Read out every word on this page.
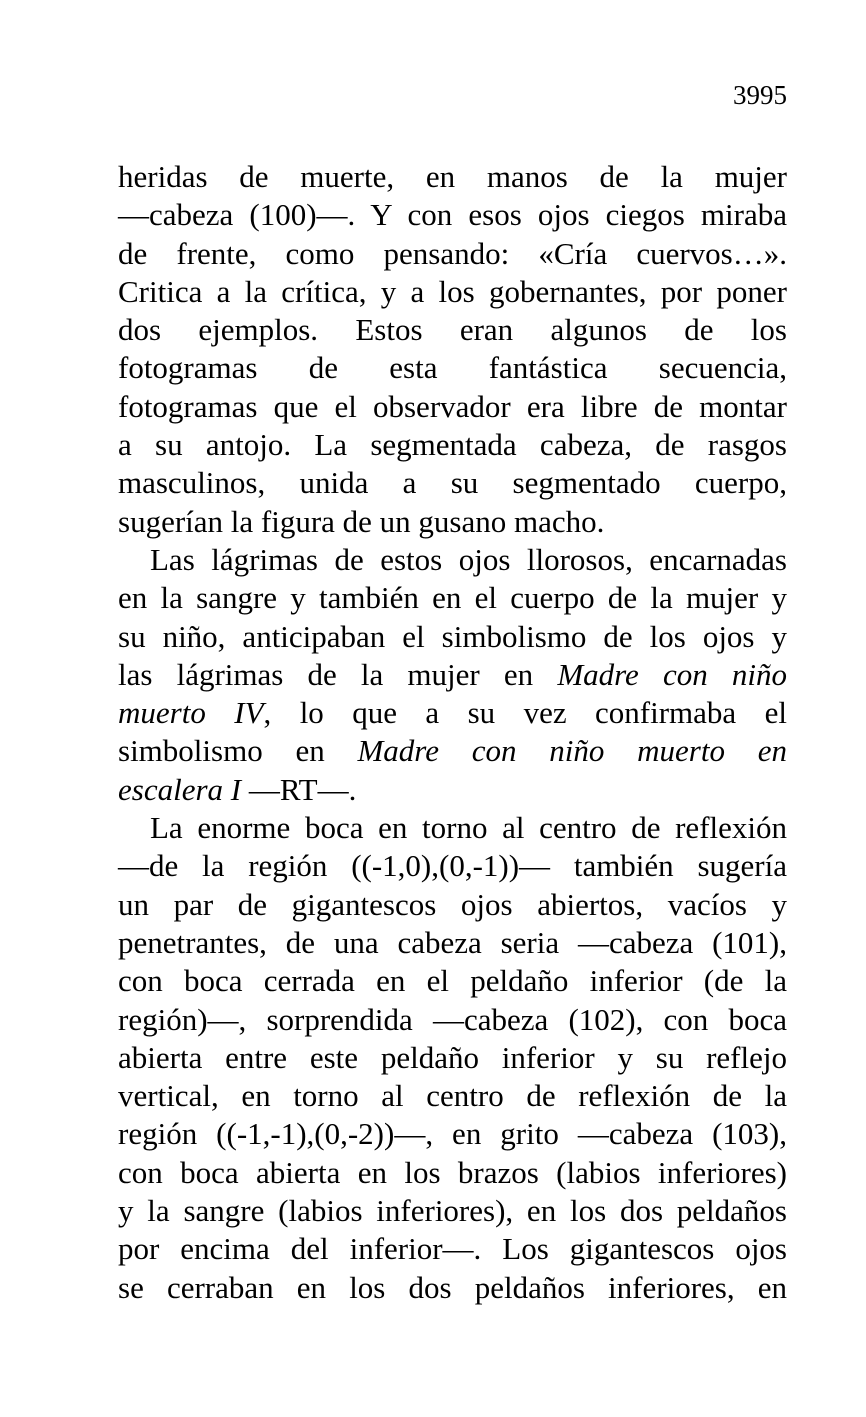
3995
heridas de muerte, en manos de la mujer
—cabeza (100)—. Y con esos ojos ciegos miraba
de frente, como pensando: «Cría cuervos…».
Critica a la crítica, y a los gobernantes, por poner
dos ejemplos. Estos eran algunos de los
fotogramas de esta fantástica secuencia,
fotogramas que el observador era libre de montar
a su antojo. La segmentada cabeza, de rasgos
masculinos, unida a su segmentado cuerpo,
sugerían la figura de un gusano macho.
Las lágrimas de estos ojos llorosos, encarnadas
en la sangre y también en el cuerpo de la mujer y
su niño, anticipaban el simbolismo de los ojos y
las lágrimas de la mujer en Madre con niño
muerto IV, lo que a su vez confirmaba el
simbolismo en Madre con niño muerto en
escalera I —RT—.
La enorme boca en torno al centro de reflexión
—de la región ((-1,0),(0,-1))— también sugería
un par de gigantescos ojos abiertos, vacíos y
penetrantes, de una cabeza seria —cabeza (101),
con boca cerrada en el peldaño inferior (de la
región)—, sorprendida —cabeza (102), con boca
abierta entre este peldaño inferior y su reflejo
vertical, en torno al centro de reflexión de la
región ((-1,-1),(0,-2))—, en grito —cabeza (103),
con boca abierta en los brazos (labios inferiores)
y la sangre (labios inferiores), en los dos peldaños
por encima del inferior—. Los gigantescos ojos
se cerraban en los dos peldaños inferiores, en
